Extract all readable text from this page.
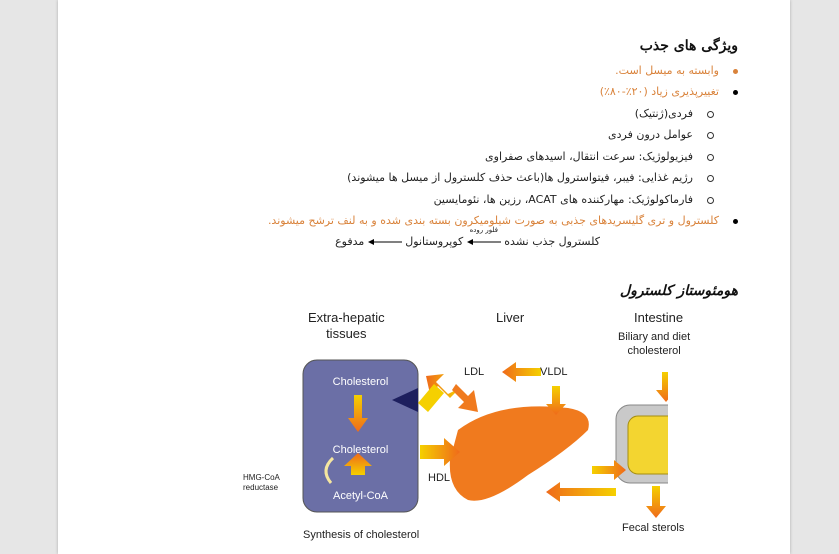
ویژگی های جذب
وابسته به میسل است.
تغییرپذیری زیاد (۲۰٪-۸۰٪)
فردی(ژنتیک)
عوامل درون فردی
فیزیولوژیک: سرعت انتقال، اسیدهای صفراوی
رژیم غذایی: فیبر، فیتواسترول ها(باعث حذف کلسترول از میسل ها میشوند)
فارماکولوژیک: مهارکننده های ACAT، رزین ها، نئومایسین
کلسترول و تری گلیسریدهای جذبی به صورت شیلومیکرون بسته بندی شده و به لنف ترشح میشوند.
کلسترول جذب نشده
فلور روده
کوپروستانول  مدفوع
هومئوستاز کلسترول
Extra-hepatic
tissues
Liver	Intestine
Biliary and diet
cholesterol
Cholesterol
Cholesterol
Acetyl-CoA
LDL	VLDL
HDL
HMG-CoA
reductase
Synthesis of cholesterol
Fecal sterols
